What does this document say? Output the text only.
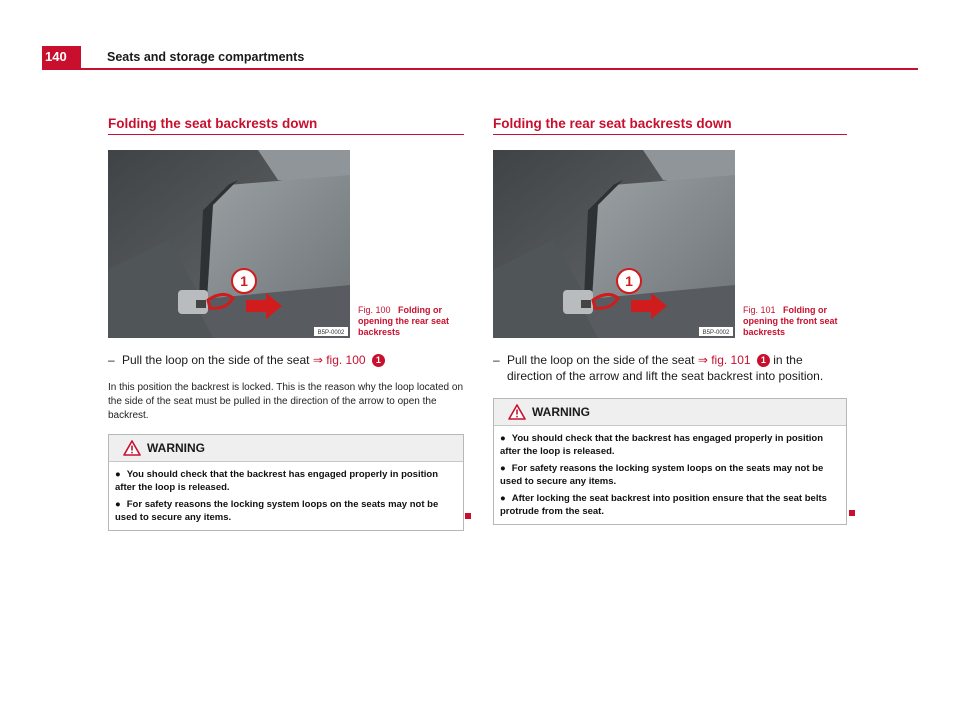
140	Seats and storage compartments
Folding the seat backrests down
1
B5P-0002
Fig. 100 Folding or opening the rear seat backrests
– Pull the loop on the side of the seat ⇒ fig. 100 1
In this position the backrest is locked. This is the reason why the loop located on the side of the seat must be pulled in the direction of the arrow to open the backrest.
WARNING
● You should check that the backrest has engaged properly in position after the loop is released.
● For safety reasons the locking system loops on the seats may not be used to secure any items.
Folding the rear seat backrests down
1
B5P-0002
Fig. 101 Folding or opening the front seat backrests
– Pull the loop on the side of the seat ⇒ fig. 101 1 in the direction of the arrow and lift the seat backrest into position.
WARNING
● You should check that the backrest has engaged properly in position after the loop is released.
● For safety reasons the locking system loops on the seats may not be used to secure any items.
● After locking the seat backrest into position ensure that the seat belts protrude from the seat.
